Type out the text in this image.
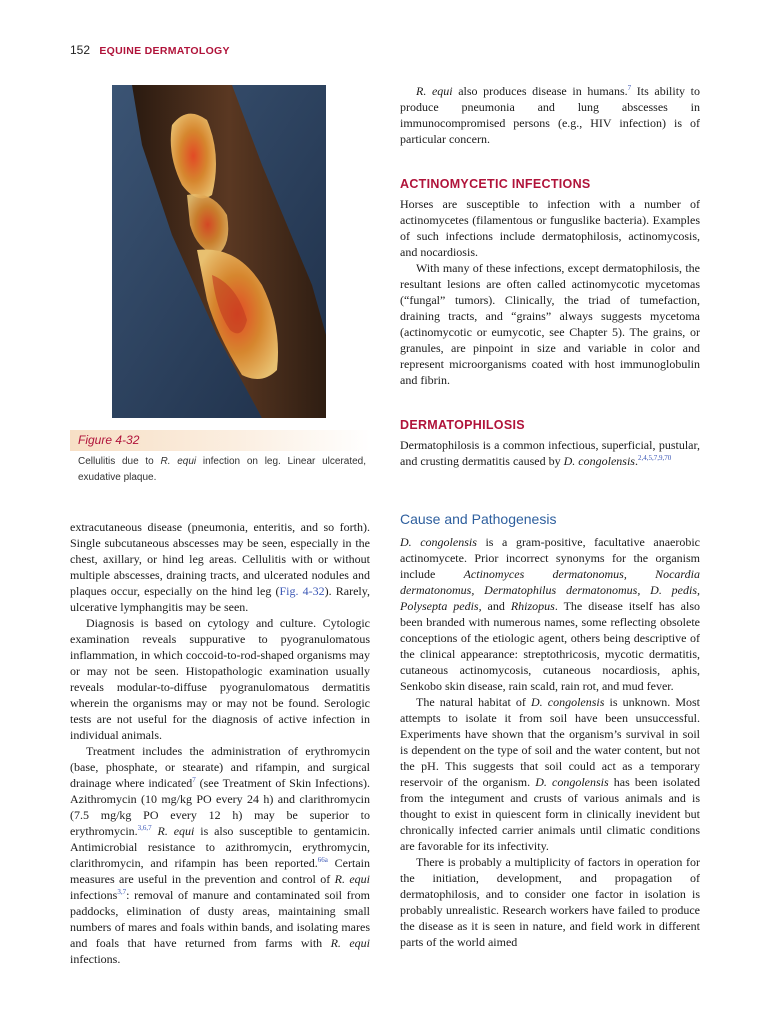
152 EQUINE DERMATOLOGY
Figure 4-32
Cellulitis due to R. equi infection on leg. Linear ulcerated, exudative plaque.

extracutaneous disease (pneumonia, enteritis, and so forth). Single subcutaneous abscesses may be seen, especially in the chest, axillary, or hind leg areas. Cellulitis with or without multiple abscesses, draining tracts, and ulcerated nodules and plaques occur, especially on the hind leg (Fig. 4-32). Rarely, ulcerative lymphangitis may be seen.

Diagnosis is based on cytology and culture. Cytologic examination reveals suppurative to pyogranulomatous inflammation, in which coccoid-to-rod-shaped organisms may or may not be seen. Histopathologic examination usually reveals modular-to-diffuse pyogranulomatous dermatitis wherein the organisms may or may not be found. Serologic tests are not useful for the diagnosis of active infection in individual animals.

Treatment includes the administration of erythromycin (base, phosphate, or stearate) and rifampin, and surgical drainage where indicated$^7$ (see Treatment of Skin Infections). Azithromycin (10 mg/kg PO every 24 h) and clarithromycin (7.5 mg/kg PO every 12 h) may be superior to erythromycin.$^{3,6,7}$ R. equi is also susceptible to gentamicin. Antimicrobial resistance to azithromycin, erythromycin, clarithromycin, and rifampin has been reported.$^{66a}$ Certain measures are useful in the prevention and control of R. equi infections$^{3,7}$: removal of manure and contaminated soil from paddocks, elimination of dusty areas, maintaining small numbers of mares and foals within bands, and isolating mares and foals that have returned from farms with R. equi infections.

R. equi also produces disease in humans.$^7$ Its ability to produce pneumonia and lung abscesses in immunocompromised persons (e.g., HIV infection) is of particular concern.

ACTINOMYCETIC INFECTIONS

Horses are susceptible to infection with a number of actinomycetes (filamentous or funguslike bacteria). Examples of such infections include dermatophilosis, actinomycosis, and nocardiosis.

With many of these infections, except dermatophilosis, the resultant lesions are often called actinomycotic mycetomas (“fungal” tumors). Clinically, the triad of tumefaction, draining tracts, and “grains” always suggests mycetoma (actinomycotic or eumycotic, see Chapter 5). The grains, or granules, are pinpoint in size and variable in color and represent microorganisms coated with host immunoglobulin and fibrin.

DERMATOPHILOSIS

Dermatophilosis is a common infectious, superficial, pustular, and crusting dermatitis caused by D. congolensis.$^{2,4,5,7,9,70}$

Cause and Pathogenesis

D. congolensis is a gram-positive, facultative anaerobic actinomycete. Prior incorrect synonyms for the organism include Actinomyces dermatonomus, Nocardia dermatonomus, Dermatophilus dermatonomus, D. pedis, Polysepta pedis, and Rhizopus. The disease itself has also been branded with numerous names, some reflecting obsolete conceptions of the etiologic agent, others being descriptive of the clinical appearance: streptothricosis, mycotic dermatitis, cutaneous actinomycosis, cutaneous nocardiosis, aphis, Senkobo skin disease, rain scald, rain rot, and mud fever.

The natural habitat of D. congolensis is unknown. Most attempts to isolate it from soil have been unsuccessful. Experiments have shown that the organism’s survival in soil is dependent on the type of soil and the water content, but not the pH. This suggests that soil could act as a temporary reservoir of the organism. D. congolensis has been isolated from the integument and crusts of various animals and is thought to exist in quiescent form in clinically inevident but chronically infected carrier animals until climatic conditions are favorable for its infectivity.

There is probably a multiplicity of factors in operation for the initiation, development, and propagation of dermatophilosis, and to consider one factor in isolation is probably unrealistic. Research workers have failed to produce the disease as it is seen in nature, and field work in different parts of the world aimed
